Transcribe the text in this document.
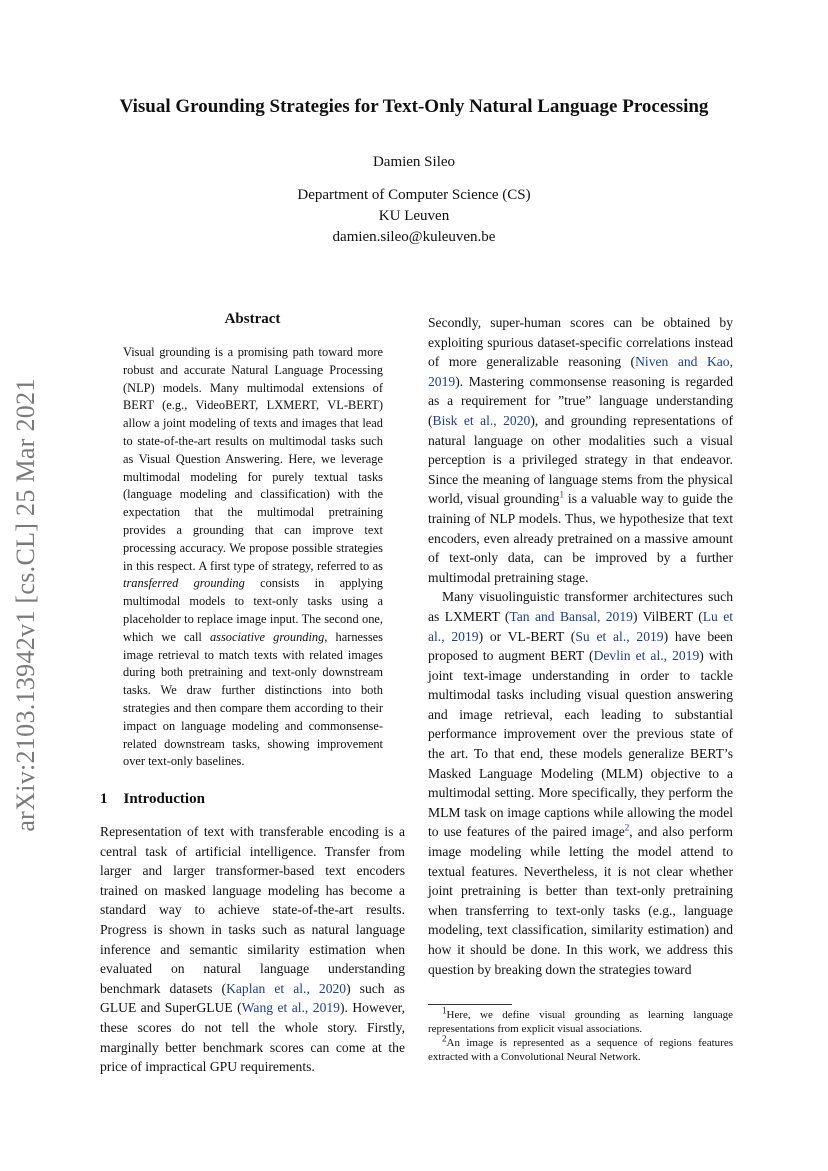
Visual Grounding Strategies for Text-Only Natural Language Processing
Damien Sileo
Department of Computer Science (CS)
KU Leuven
damien.sileo@kuleuven.be
arXiv:2103.13942v1 [cs.CL] 25 Mar 2021
Abstract
Visual grounding is a promising path toward more robust and accurate Natural Language Processing (NLP) models. Many multimodal extensions of BERT (e.g., VideoBERT, LXMERT, VL-BERT) allow a joint modeling of texts and images that lead to state-of-the-art results on multimodal tasks such as Visual Question Answering. Here, we leverage multimodal modeling for purely textual tasks (language modeling and classification) with the expectation that the multimodal pretraining provides a grounding that can improve text processing accuracy. We propose possible strategies in this respect. A first type of strategy, referred to as transferred grounding consists in applying multimodal models to text-only tasks using a placeholder to replace image input. The second one, which we call associative grounding, harnesses image retrieval to match texts with related images during both pretraining and text-only downstream tasks. We draw further distinctions into both strategies and then compare them according to their impact on language modeling and commonsense-related downstream tasks, showing improvement over text-only baselines.
1 Introduction

Representation of text with transferable encoding is a central task of artificial intelligence. Transfer from larger and larger transformer-based text encoders trained on masked language modeling has become a standard way to achieve state-of-the-art results. Progress is shown in tasks such as natural language inference and semantic similarity estimation when evaluated on natural language understanding benchmark datasets (Kaplan et al., 2020) such as GLUE and SuperGLUE (Wang et al., 2019). However, these scores do not tell the whole story. Firstly, marginally better benchmark scores can come at the price of impractical GPU requirements.

Secondly, super-human scores can be obtained by exploiting spurious dataset-specific correlations instead of more generalizable reasoning (Niven and Kao, 2019). Mastering commonsense reasoning is regarded as a requirement for ”true” language understanding (Bisk et al., 2020), and grounding representations of natural language on other modalities such a visual perception is a privileged strategy in that endeavor. Since the meaning of language stems from the physical world, visual grounding$^1$ is a valuable way to guide the training of NLP models. Thus, we hypothesize that text encoders, even already pretrained on a massive amount of text-only data, can be improved by a further multimodal pretraining stage.

Many visuolinguistic transformer architectures such as LXMERT (Tan and Bansal, 2019) VilBERT (Lu et al., 2019) or VL-BERT (Su et al., 2019) have been proposed to augment BERT (Devlin et al., 2019) with joint text-image understanding in order to tackle multimodal tasks including visual question answering and image retrieval, each leading to substantial performance improvement over the previous state of the art. To that end, these models generalize BERT’s Masked Language Modeling (MLM) objective to a multimodal setting. More specifically, they perform the MLM task on image captions while allowing the model to use features of the paired image$^2$, and also perform image modeling while letting the model attend to textual features. Nevertheless, it is not clear whether joint pretraining is better than text-only pretraining when transferring to text-only tasks (e.g., language modeling, text classification, similarity estimation) and how it should be done. In this work, we address this question by breaking down the strategies toward

$^1$Here, we define visual grounding as learning language representations from explicit visual associations.

$^2$An image is represented as a sequence of regions features extracted with a Convolutional Neural Network.
